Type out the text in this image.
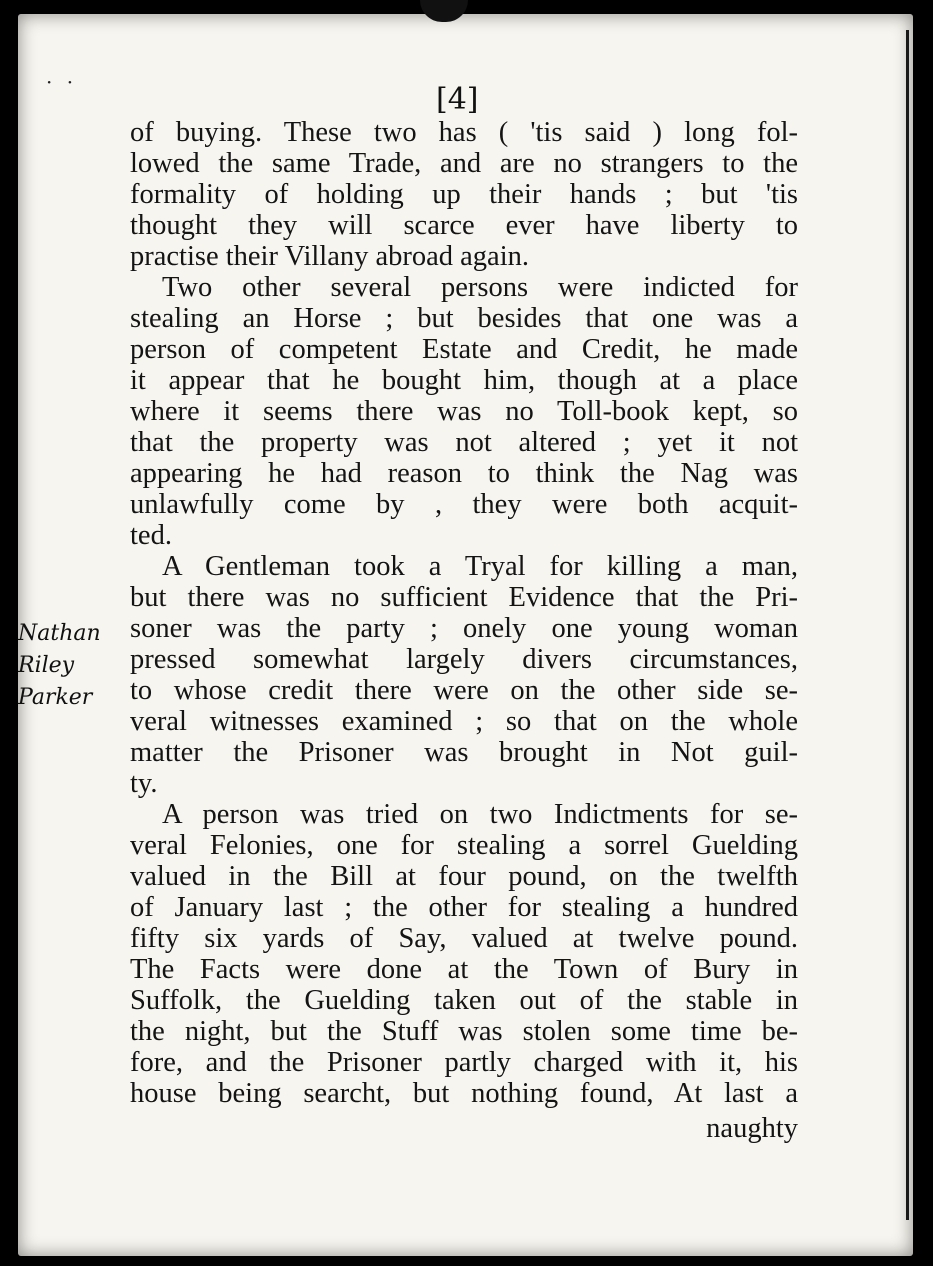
· ·	[4]
Nathan
Riley
Parker
of buying. These two has ( 'tis said ) long fol-
lowed the same Trade, and are no strangers to the
formality of holding up their hands ; but 'tis
thought they will scarce ever have liberty to
practise their Villany abroad again.
Two other several persons were indicted for
stealing an Horse ; but besides that one was a
person of competent Estate and Credit, he made
it appear that he bought him, though at a place
where it seems there was no Toll-book kept, so
that the property was not altered ; yet it not
appearing he had reason to think the Nag was
unlawfully come by , they were both acquit-
ted.
A Gentleman took a Tryal for killing a man,
but there was no sufficient Evidence that the Pri-
soner was the party ; onely one young woman
pressed somewhat largely divers circumstances,
to whose credit there were on the other side se-
veral witnesses examined ; so that on the whole
matter the Prisoner was brought in Not guil-
ty.
A person was tried on two Indictments for se-
veral Felonies, one for stealing a sorrel Guelding
valued in the Bill at four pound, on the twelfth
of January last ; the other for stealing a hundred
fifty six yards of Say, valued at twelve pound.
The Facts were done at the Town of Bury in
Suffolk, the Guelding taken out of the stable in
the night, but the Stuff was stolen some time be-
fore, and the Prisoner partly charged with it, his
house being searcht, but nothing found, At last a
naughty
